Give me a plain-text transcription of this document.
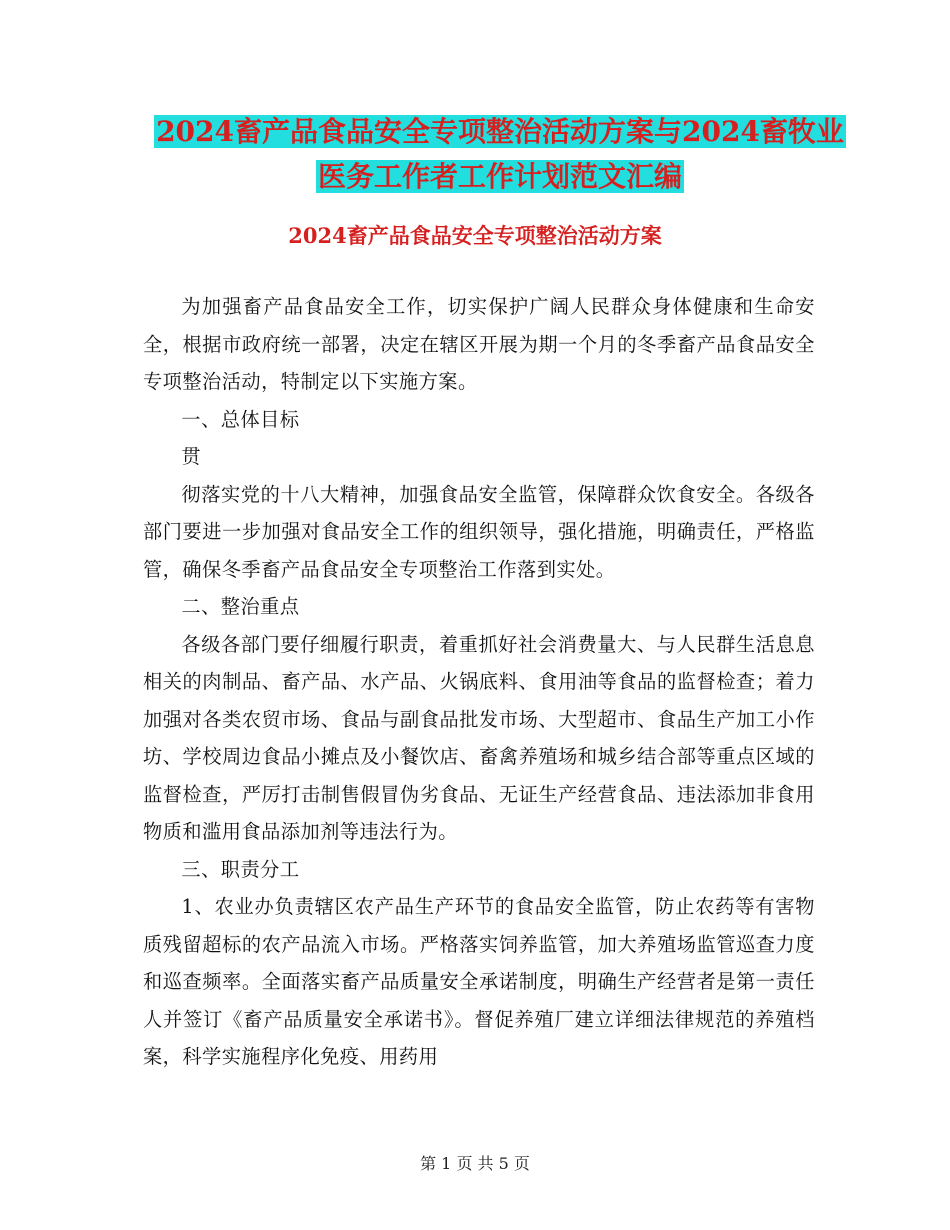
2024畜产品食品安全专项整治活动方案与2024畜牧业
医务工作者工作计划范文汇编
2024畜产品食品安全专项整治活动方案

为加强畜产品食品安全工作，切实保护广阔人民群众身体健康和生命安全，根据市政府统一部署，决定在辖区开展为期一个月的冬季畜产品食品安全专项整治活动，特制定以下实施方案。

一、总体目标

贯

彻落实党的十八大精神，加强食品安全监管，保障群众饮食安全。各级各部门要进一步加强对食品安全工作的组织领导，强化措施，明确责任，严格监管，确保冬季畜产品食品安全专项整治工作落到实处。

二、整治重点

各级各部门要仔细履行职责，着重抓好社会消费量大、与人民群生活息息相关的肉制品、畜产品、水产品、火锅底料、食用油等食品的监督检查；着力加强对各类农贸市场、食品与副食品批发市场、大型超市、食品生产加工小作坊、学校周边食品小摊点及小餐饮店、畜禽养殖场和城乡结合部等重点区域的监督检查，严厉打击制售假冒伪劣食品、无证生产经营食品、违法添加非食用物质和滥用食品添加剂等违法行为。

三、职责分工

1、农业办负责辖区农产品生产环节的食品安全监管，防止农药等有害物质残留超标的农产品流入市场。严格落实饲养监管，加大养殖场监管巡查力度和巡查频率。全面落实畜产品质量安全承诺制度，明确生产经营者是第一责任人并签订《畜产品质量安全承诺书》。督促养殖厂建立详细法律规范的养殖档案，科学实施程序化免疫、用药用

第 1 页 共 5 页
